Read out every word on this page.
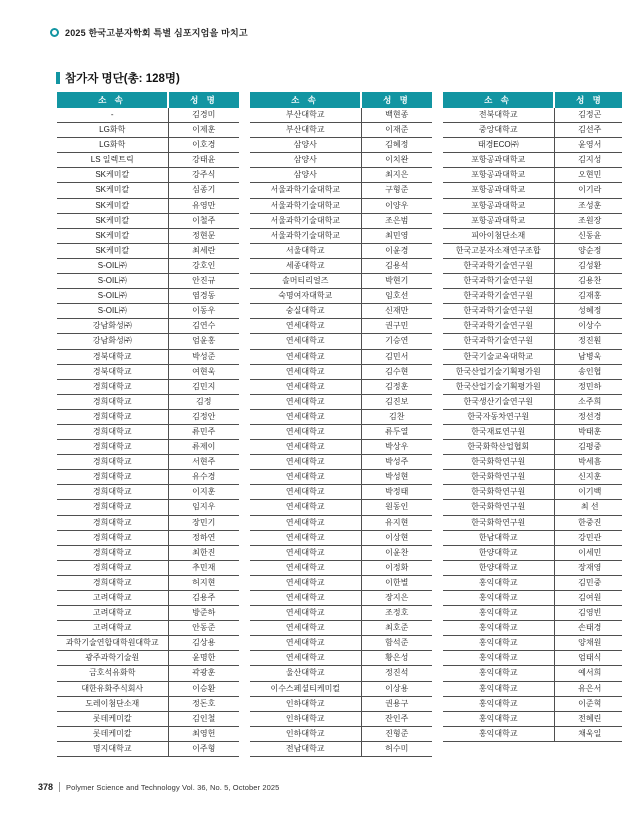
2025 한국고분자학회 특별 심포지엄을 마치고
참가자 명단(총: 128명)
소 속	성 명
-	김경미
LG화학	이제훈
LG화학	이호경
LS 일렉트릭	강태윤
SK케미칼	강주식
SK케미칼	심종기
SK케미칼	유영만
SK케미칼	이철주
SK케미칼	정현문
SK케미칼	최세란
S-OIL㈜	강호인
S-OIL㈜	안진규
S-OIL㈜	염경동
S-OIL㈜	이동우
강남화성㈜	김연수
강남화성㈜	엄윤홍
경북대학교	박성준
경북대학교	여현욱
경희대학교	김민지
경희대학교	김정
경희대학교	김정안
경희대학교	류민주
경희대학교	류제이
경희대학교	서현주
경희대학교	유수경
경희대학교	이지훈
경희대학교	임지우
경희대학교	장민기
경희대학교	정하연
경희대학교	최한진
경희대학교	추민재
경희대학교	허지현
고려대학교	김용주
고려대학교	방준하
고려대학교	안동준
과학기술연합대학원대학교	김상용
광주과학기술원	윤명한
금호석유화학	곽광훈
대한유화주식회사	이승환
도레이첨단소재	정돈호
롯데케미칼	김인철
롯데케미칼	최영헌
명지대학교	이주형
소 속	성 명
부산대학교	백현종
부산대학교	이재준
삼양사	김혜정
삼양사	이치완
삼양사	최지은
서울과학기술대학교	구형준
서울과학기술대학교	이양우
서울과학기술대학교	조은범
서울과학기술대학교	최민영
서울대학교	이윤경
세종대학교	김용석
솔머티리얼즈	박현기
숙명여자대학교	임호선
숭실대학교	신재만
연세대학교	권구민
연세대학교	기승연
연세대학교	김민서
연세대학교	김수현
연세대학교	김정훈
연세대학교	김진보
연세대학교	김찬
연세대학교	류두열
연세대학교	박상우
연세대학교	박성주
연세대학교	박성현
연세대학교	박정태
연세대학교	원동인
연세대학교	유지현
연세대학교	이상현
연세대학교	이윤찬
연세대학교	이정화
연세대학교	이한별
연세대학교	장지은
연세대학교	조정호
연세대학교	최호준
연세대학교	함석준
연세대학교	황은성
울산대학교	정진석
이수스페셜티케미컬	이상용
인하대학교	권용구
인하대학교	잔인주
인하대학교	진형준
전남대학교	허수미
소 속	성 명
전북대학교	김정곤
중앙대학교	김선주
태경ECO㈜	윤영서
포항공과대학교	김지성
포항공과대학교	오현민
포항공과대학교	이기라
포항공과대학교	조성훈
포항공과대학교	조원장
피아이첨단소재	신동윤
한국고분자소재연구조합	양순정
한국과학기술연구원	김성환
한국과학기술연구원	김용찬
한국과학기술연구원	김재홍
한국과학기술연구원	성혜정
한국과학기술연구원	이상수
한국과학기술연구원	정진훤
한국기술교육대학교	남병욱
한국산업기술기획평가원	송인협
한국산업기술기획평가원	정민하
한국생산기술연구원	소주희
한국자동차연구원	정선경
한국재료연구원	박태훈
한국화학산업협회	김평중
한국화학연구원	박세흠
한국화학연구원	신지훈
한국화학연구원	이기백
한국화학연구원	최 선
한국화학연구원	한중진
한남대학교	강민관
한양대학교	이세민
한양대학교	장재영
홍익대학교	김민중
홍익대학교	김여원
홍익대학교	김영빈
홍익대학교	손태경
홍익대학교	양채원
홍익대학교	엄태식
홍익대학교	예서희
홍익대학교	유은서
홍익대학교	이준혁
홍익대학교	전혜린
홍익대학교	채욱일
378 Polymer Science and Technology Vol. 36, No. 5, October 2025
